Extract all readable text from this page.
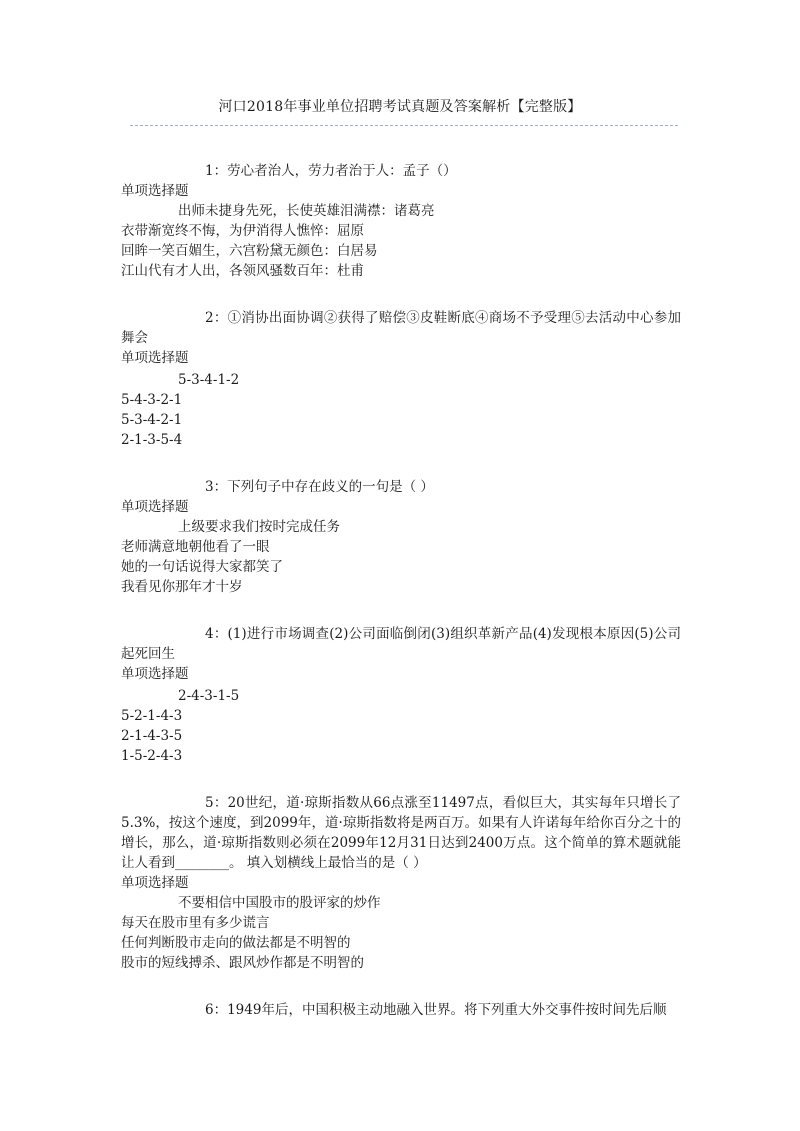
河口2018年事业单位招聘考试真题及答案解析【完整版】
1：劳心者治人，劳力者治于人：孟子（）
单项选择题
出师未捷身先死，长使英雄泪满襟：诸葛亮
衣带渐宽终不悔，为伊消得人憔悴：屈原
回眸一笑百媚生，六宫粉黛无颜色：白居易
江山代有才人出，各领风骚数百年：杜甫
2：①消协出面协调②获得了赔偿③皮鞋断底④商场不予受理⑤去活动中心参加舞会
单项选择题
5-3-4-1-2
5-4-3-2-1
5-3-4-2-1
2-1-3-5-4
3：下列句子中存在歧义的一句是（ ）
单项选择题
上级要求我们按时完成任务
老师满意地朝他看了一眼
她的一句话说得大家都笑了
我看见你那年才十岁
4：(1)进行市场调查(2)公司面临倒闭(3)组织革新产品(4)发现根本原因(5)公司起死回生
单项选择题
2-4-3-1-5
5-2-1-4-3
2-1-4-3-5
1-5-2-4-3
5：20世纪，道·琼斯指数从66点涨至11497点，看似巨大，其实每年只增长了5.3%，按这个速度，到2099年，道·琼斯指数将是两百万。如果有人许诺每年给你百分之十的增长，那么，道·琼斯指数则必须在2099年12月31日达到2400万点。这个简单的算术题就能让人看到________。 填入划横线上最恰当的是（ ）
单项选择题
不要相信中国股市的股评家的炒作
每天在股市里有多少谎言
任何判断股市走向的做法都是不明智的
股市的短线搏杀、跟风炒作都是不明智的
6：1949年后，中国积极主动地融入世界。将下列重大外交事件按时间先后顺
